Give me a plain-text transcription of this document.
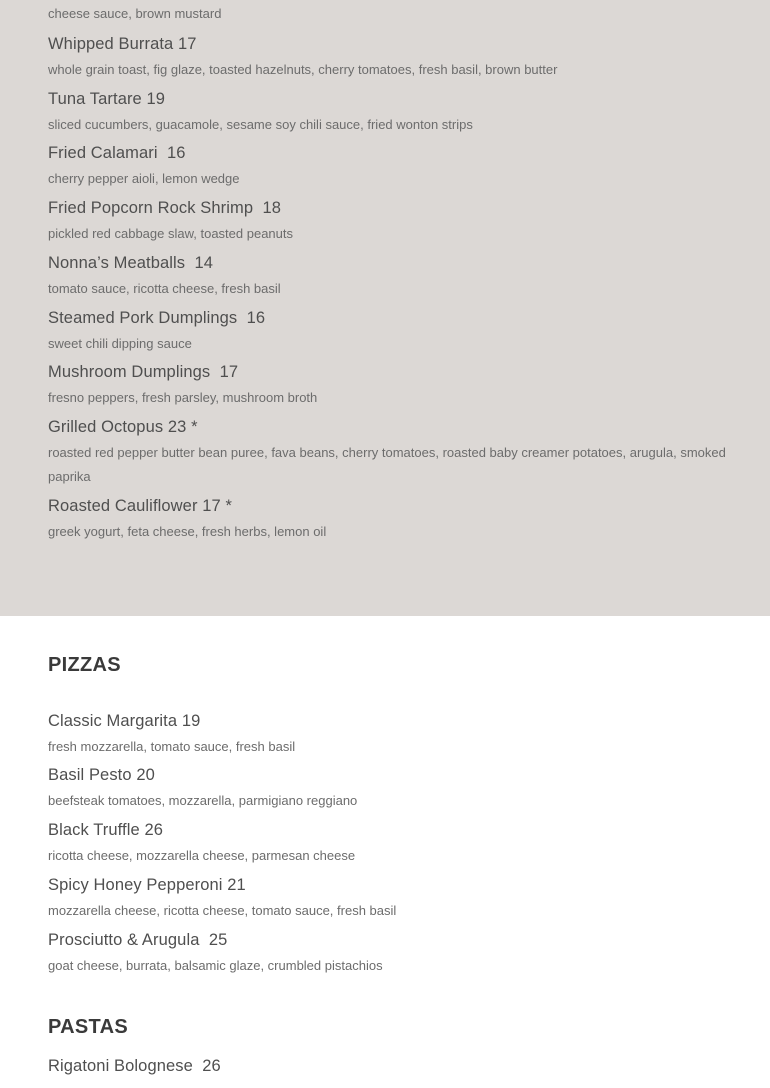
cheese sauce, brown mustard
Whipped Burrata 17
whole grain toast, fig glaze, toasted hazelnuts, cherry tomatoes, fresh basil, brown butter
Tuna Tartare 19
sliced cucumbers, guacamole, sesame soy chili sauce, fried wonton strips
Fried Calamari  16
cherry pepper aioli, lemon wedge
Fried Popcorn Rock Shrimp  18
pickled red cabbage slaw, toasted peanuts
Nonna’s Meatballs  14
tomato sauce, ricotta cheese, fresh basil
Steamed Pork Dumplings  16
sweet chili dipping sauce
Mushroom Dumplings  17
fresno peppers, fresh parsley, mushroom broth
Grilled Octopus 23 *
roasted red pepper butter bean puree, fava beans, cherry tomatoes, roasted baby creamer potatoes, arugula, smoked paprika
Roasted Cauliflower 17 *
greek yogurt, feta cheese, fresh herbs, lemon oil
PIZZAS
Classic Margarita 19
fresh mozzarella, tomato sauce, fresh basil
Basil Pesto 20
beefsteak tomatoes, mozzarella, parmigiano reggiano
Black Truffle 26
ricotta cheese, mozzarella cheese, parmesan cheese
Spicy Honey Pepperoni 21
mozzarella cheese, ricotta cheese, tomato sauce, fresh basil
Prosciutto & Arugula  25
goat cheese, burrata, balsamic glaze, crumbled pistachios
PASTAS
Rigatoni Bolognese  26
